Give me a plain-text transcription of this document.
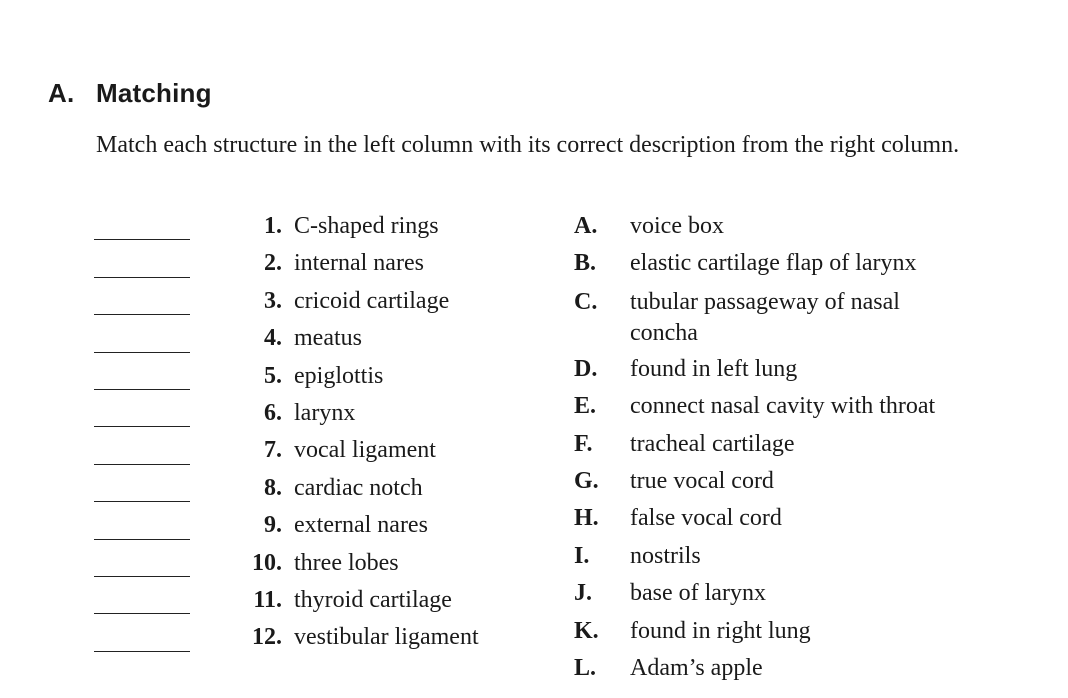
A. Matching

Match each structure in the left column with its correct description from the right column.

1. C-shaped rings
2. internal nares
3. cricoid cartilage
4. meatus
5. epiglottis
6. larynx
7. vocal ligament
8. cardiac notch
9. external nares
10. three lobes
11. thyroid cartilage
12. vestibular ligament
A.	voice box
B.	elastic cartilage flap of larynx
C.	tubular passageway of nasal concha
D.	found in left lung
E.	connect nasal cavity with throat
F.	tracheal cartilage
G.	true vocal cord
H.	false vocal cord
I.	nostrils
J.	base of larynx
K.	found in right lung
L.	Adam’s apple
